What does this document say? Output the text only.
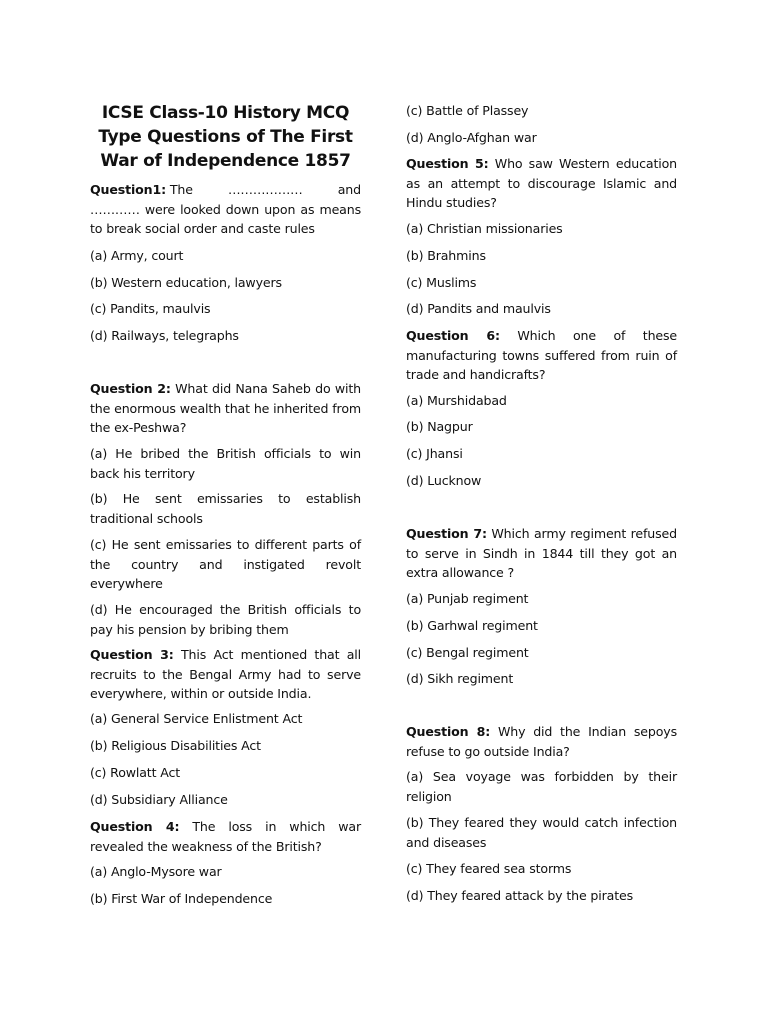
ICSE Class-10 History MCQ Type Questions of The First War of Independence 1857
Question1: The	………………	and
………… were looked down upon as means to break social order and caste rules
(a) Army, court
(b) Western education, lawyers
(c) Pandits, maulvis
(d) Railways, telegraphs
Question 2: What did Nana Saheb do with the enormous wealth that he inherited from the ex-Peshwa?
(a) He bribed the British officials to win back his territory
(b) He sent emissaries to establish traditional schools
(c) He sent emissaries to different parts of the country and instigated revolt everywhere
(d) He encouraged the British officials to pay his pension by bribing them
Question 3: This Act mentioned that all recruits to the Bengal Army had to serve everywhere, within or outside India.
(a) General Service Enlistment Act
(b) Religious Disabilities Act
(c) Rowlatt Act
(d) Subsidiary Alliance
Question 4: The loss in which war revealed the weakness of the British?
(a) Anglo-Mysore war
(b) First War of Independence
(c) Battle of Plassey
(d) Anglo-Afghan war
Question 5: Who saw Western education as an attempt to discourage Islamic and Hindu studies?
(a) Christian missionaries
(b) Brahmins
(c) Muslims
(d) Pandits and maulvis
Question 6: Which one of these manufacturing towns suffered from ruin of trade and handicrafts?
(a) Murshidabad
(b) Nagpur
(c) Jhansi
(d) Lucknow
Question 7: Which army regiment refused to serve in Sindh in 1844 till they got an extra allowance ?
(a) Punjab regiment
(b) Garhwal regiment
(c) Bengal regiment
(d) Sikh regiment
Question 8: Why did the Indian sepoys refuse to go outside India?
(a) Sea voyage was forbidden by their religion
(b) They feared they would catch infection and diseases
(c) They feared sea storms
(d) They feared attack by the pirates
